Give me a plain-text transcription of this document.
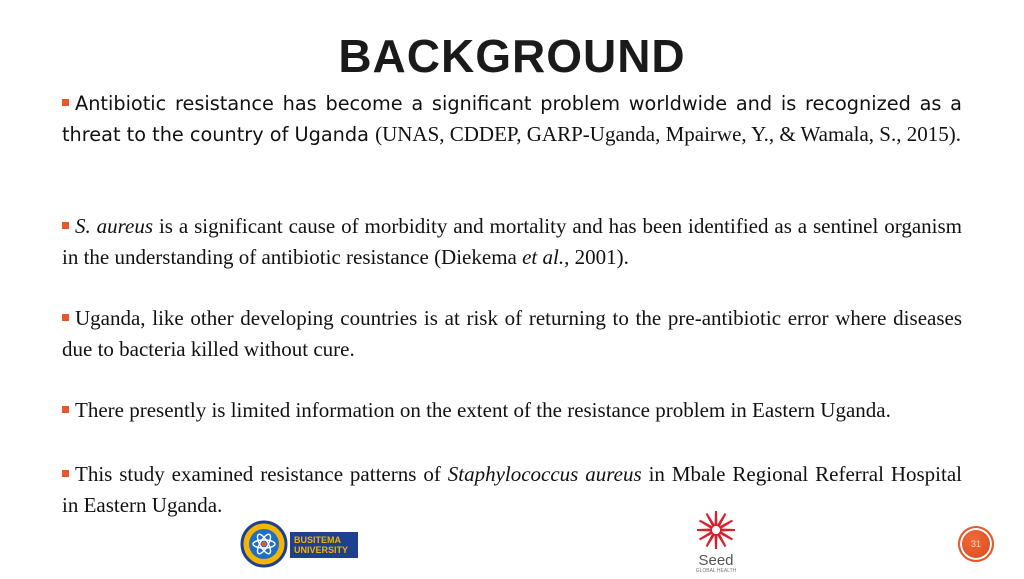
BACKGROUND
Antibiotic resistance has become a significant problem worldwide and is recognized as a threat to the country of Uganda (UNAS, CDDEP, GARP-Uganda, Mpairwe, Y., & Wamala, S., 2015).
S. aureus is a significant cause of morbidity and mortality and has been identified as a sentinel organism in the understanding of antibiotic resistance (Diekema et al., 2001).
Uganda, like other developing countries is at risk of returning to the pre-antibiotic error where diseases due to bacteria killed without cure.
There presently is limited information on the extent of the resistance problem in Eastern Uganda.
This study examined resistance patterns of Staphylococcus aureus in Mbale Regional Referral Hospital in Eastern Uganda.
BUSITEMA
UNIVERSITY
Seed
GLOBAL HEALTH
31
